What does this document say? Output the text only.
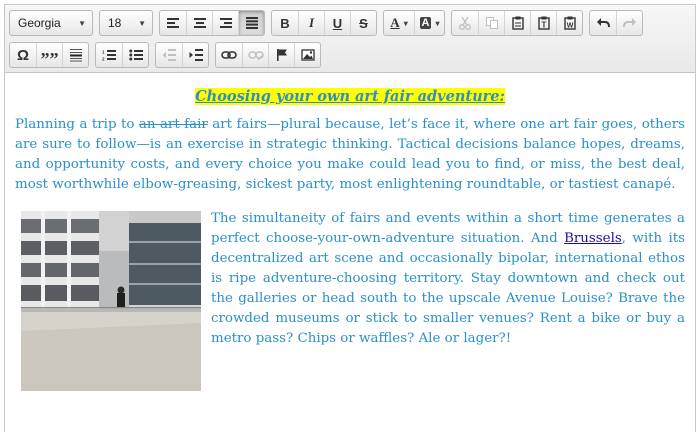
Georgia ▼ 18 ▼	B I U S A ▾ A ▾	T	W
Ω ””	1
2

Choosing your own art fair adventure:

Planning a trip to an art fair art fairs—plural because, let’s face it, where one art fair goes, others are sure to follow—is an exercise in strategic thinking. Tactical decisions balance hopes, dreams, and opportunity costs, and every choice you make could lead you to find, or miss, the best deal, most worthwhile elbow-greasing, sickest party, most enlightening roundtable, or tastiest canapé.

The simultaneity of fairs and events within a short time generates a perfect choose-your-own-adventure situation. And Brussels, with its decentralized art scene and occasionally bipolar, international ethos is ripe adventure-choosing territory. Stay downtown and check out the galleries or head south to the upscale Avenue Louise? Brave the crowded museums or stick to smaller venues? Rent a bike or buy a metro pass? Chips or waffles? Ale or lager?!
